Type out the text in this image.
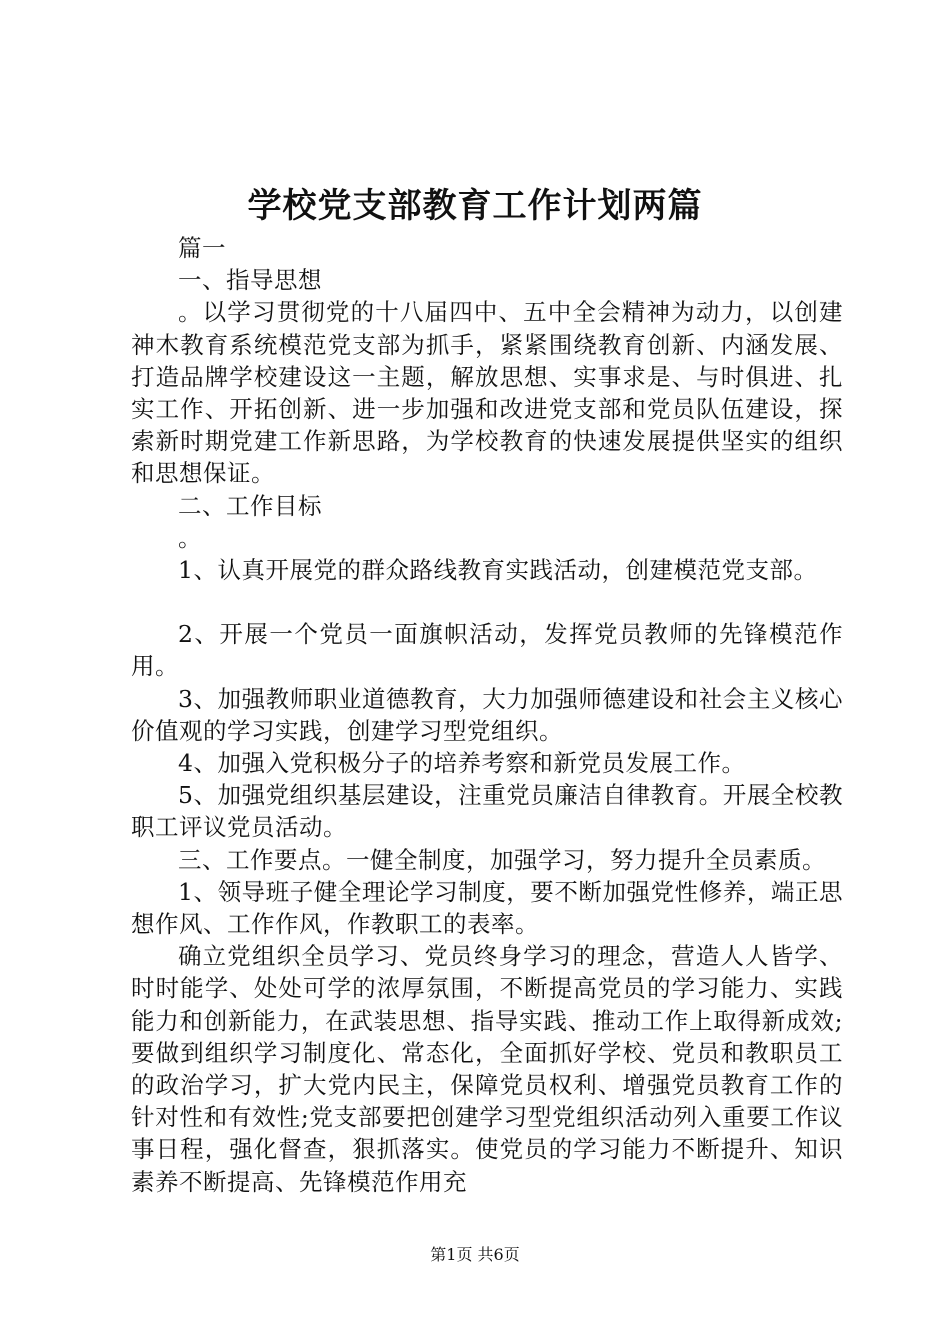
学校党支部教育工作计划两篇

篇一

一、指导思想

。以学习贯彻党的十八届四中、五中全会精神为动力，以创建神木教育系统模范党支部为抓手，紧紧围绕教育创新、内涵发展、打造品牌学校建设这一主题，解放思想、实事求是、与时俱进、扎实工作、开拓创新、进一步加强和改进党支部和党员队伍建设，探索新时期党建工作新思路，为学校教育的快速发展提供坚实的组织和思想保证。

二、工作目标

。

1、认真开展党的群众路线教育实践活动，创建模范党支部。

2、开展一个党员一面旗帜活动，发挥党员教师的先锋模范作用。

3、加强教师职业道德教育，大力加强师德建设和社会主义核心价值观的学习实践，创建学习型党组织。

4、加强入党积极分子的培养考察和新党员发展工作。

5、加强党组织基层建设，注重党员廉洁自律教育。开展全校教职工评议党员活动。

三、工作要点。一健全制度，加强学习，努力提升全员素质。

1、领导班子健全理论学习制度，要不断加强党性修养，端正思想作风、工作作风，作教职工的表率。

确立党组织全员学习、党员终身学习的理念，营造人人皆学、时时能学、处处可学的浓厚氛围，不断提高党员的学习能力、实践能力和创新能力，在武装思想、指导实践、推动工作上取得新成效;要做到组织学习制度化、常态化，全面抓好学校、党员和教职员工的政治学习，扩大党内民主，保障党员权利、增强党员教育工作的针对性和有效性;党支部要把创建学习型党组织活动列入重要工作议事日程，强化督查，狠抓落实。使党员的学习能力不断提升、知识素养不断提高、先锋模范作用充

第1页 共6页
